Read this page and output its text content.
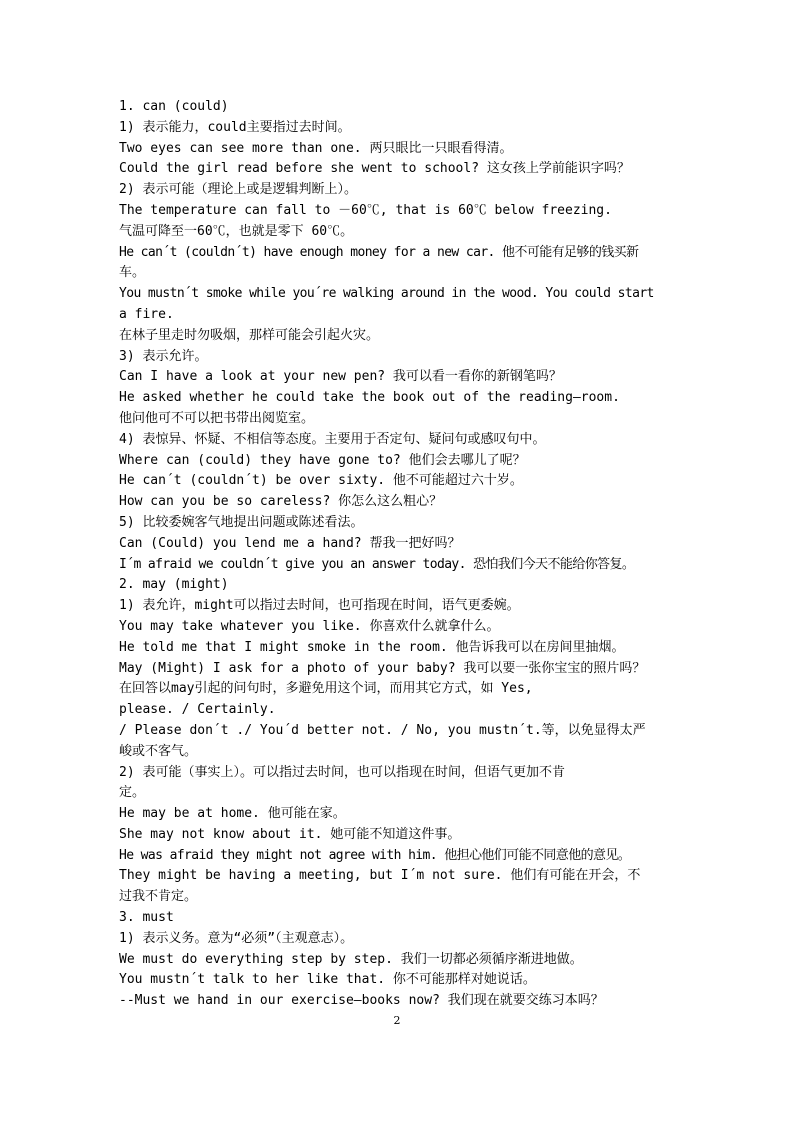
1. can (could)
1) 表示能力，could主要指过去时间。
Two eyes can see more than one. 两只眼比一只眼看得清。
Could the girl read before she went to school? 这女孩上学前能识字吗？
2) 表示可能（理论上或是逻辑判断上）。
The temperature can fall to －60℃, that is 60℃ below freezing.
气温可降至一60℃，也就是零下 60℃。
He can´t (couldn´t) have enough money for a new car. 他不可能有足够的钱买新
车。
You mustn´t smoke while you´re walking around in the wood. You could start
a fire.
在林子里走时勿吸烟，那样可能会引起火灾。
3) 表示允许。
Can I have a look at your new pen? 我可以看一看你的新钢笔吗？
He asked whether he could take the book out of the reading—room.
他问他可不可以把书带出阅览室。
4) 表惊异、怀疑、不相信等态度。主要用于否定句、疑问句或感叹句中。
Where can (could) they have gone to? 他们会去哪儿了呢？
He can´t (couldn´t) be over sixty. 他不可能超过六十岁。
How can you be so careless? 你怎么这么粗心？
5) 比较委婉客气地提出问题或陈述看法。
Can (Could) you lend me a hand? 帮我一把好吗？
I´m afraid we couldn´t give you an answer today. 恐怕我们今天不能给你答复。
2. may (might)
1) 表允许，might可以指过去时间，也可指现在时间，语气更委婉。
You may take whatever you like. 你喜欢什么就拿什么。
He told me that I might smoke in the room. 他告诉我可以在房间里抽烟。
May (Might) I ask for a photo of your baby? 我可以要一张你宝宝的照片吗？
在回答以may引起的问句时，多避免用这个词，而用其它方式，如 Yes,
please. / Certainly.
/ Please don´t ./ You´d better not. / No, you mustn´t.等，以免显得太严
峻或不客气。
2) 表可能（事实上）。可以指过去时间，也可以指现在时间，但语气更加不肯
定。
He may be at home. 他可能在家。
She may not know about it. 她可能不知道这件事。
He was afraid they might not agree with him. 他担心他们可能不同意他的意见。
They might be having a meeting, but I´m not sure. 他们有可能在开会，不
过我不肯定。
3. must
1) 表示义务。意为“必须”（主观意志）。
We must do everything step by step. 我们一切都必须循序渐进地做。
You mustn´t talk to her like that. 你不可能那样对她说话。
--Must we hand in our exercise—books now? 我们现在就要交练习本吗？
2
